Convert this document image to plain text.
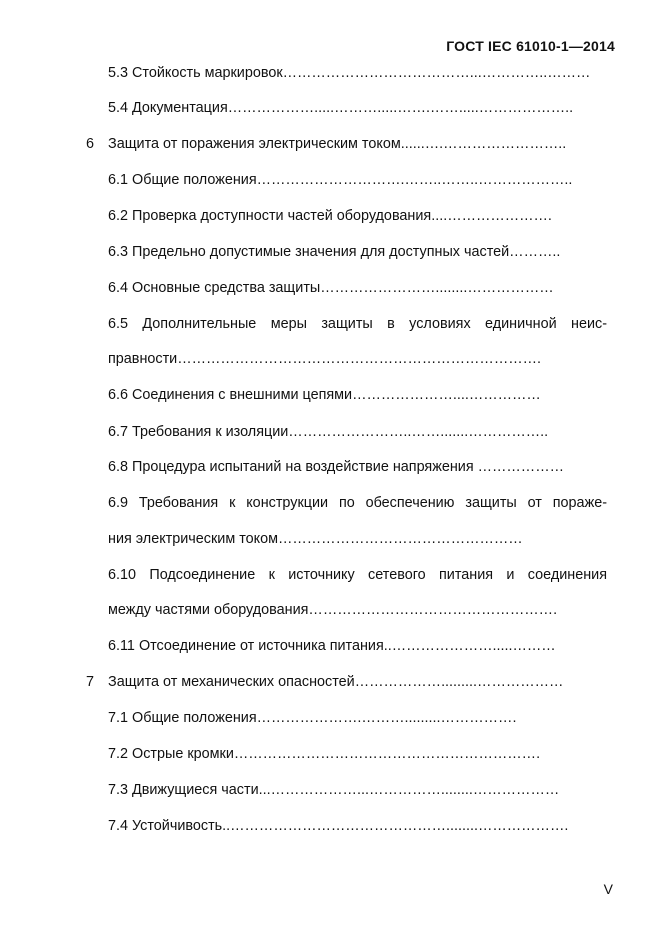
ГОСТ IEC 61010-1—2014
5.3 Стойкость маркировок…………………………………...…………..………
5.4 Документация……………….....……….....…….…….....………………..
6 Защита от поражения электрическим током......….……………………..
6.1 Общие положения………………………….……..……..………………..
6.2 Проверка доступности частей оборудования....………………….
6.3 Предельно допустимые значения для доступных частей………..
6.4 Основные средства защиты……………………........………………
6.5 Дополнительные меры защиты в условиях единичной неис-
правности………………………………………………………………….
6.6 Соединения с внешними цепями…………………....……………
6.7 Требования к изоляции……………………..…….......……………..
6.8 Процедура испытаний на воздействие напряжения ………………
6.9 Требования к конструкции по обеспечению защиты от пораже-
ния электрическим током……………………………………………
6.10 Подсоединение к источнику сетевого питания и соединения
между частями оборудования…………………………………………….
6.11 Отсоединение от источника питания..………………….....………
7 Защита от механических опасностей……………….........………………
7.1 Общие положения………………….……….........…………….
7.2 Острые кромки……………………………………………………….
7.3 Движущиеся части...………………...……………........………………
7.4 Устойчивость..………………………………………........……………….
V
